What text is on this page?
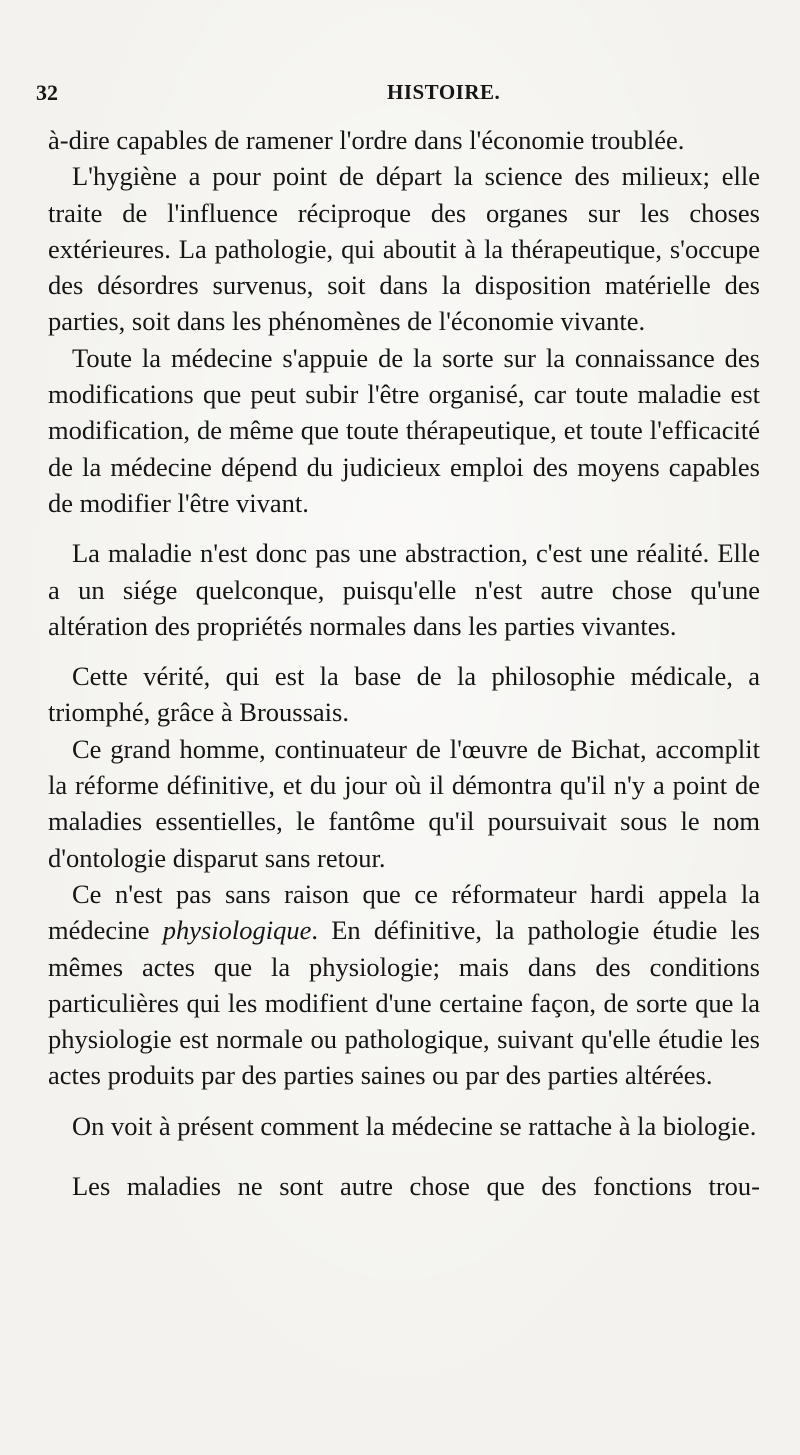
32	HISTOIRE.

à-dire capables de ramener l'ordre dans l'économie troublée.

L'hygiène a pour point de départ la science des milieux; elle traite de l'influence réciproque des organes sur les choses extérieures. La pathologie, qui aboutit à la thérapeutique, s'occupe des désordres survenus, soit dans la disposition matérielle des parties, soit dans les phénomènes de l'économie vivante.

Toute la médecine s'appuie de la sorte sur la connaissance des modifications que peut subir l'être organisé, car toute maladie est modification, de même que toute thérapeutique, et toute l'efficacité de la médecine dépend du judicieux emploi des moyens capables de modifier l'être vivant.

La maladie n'est donc pas une abstraction, c'est une réalité. Elle a un siége quelconque, puisqu'elle n'est autre chose qu'une altération des propriétés normales dans les parties vivantes.

Cette vérité, qui est la base de la philosophie médicale, a triomphé, grâce à Broussais.

Ce grand homme, continuateur de l'œuvre de Bichat, accomplit la réforme définitive, et du jour où il démontra qu'il n'y a point de maladies essentielles, le fantôme qu'il poursuivait sous le nom d'ontologie disparut sans retour.

Ce n'est pas sans raison que ce réformateur hardi appela la médecine physiologique. En définitive, la pathologie étudie les mêmes actes que la physiologie; mais dans des conditions particulières qui les modifient d'une certaine façon, de sorte que la physiologie est normale ou pathologique, suivant qu'elle étudie les actes produits par des parties saines ou par des parties altérées.

On voit à présent comment la médecine se rattache à la biologie.

Les maladies ne sont autre chose que des fonctions trou-
